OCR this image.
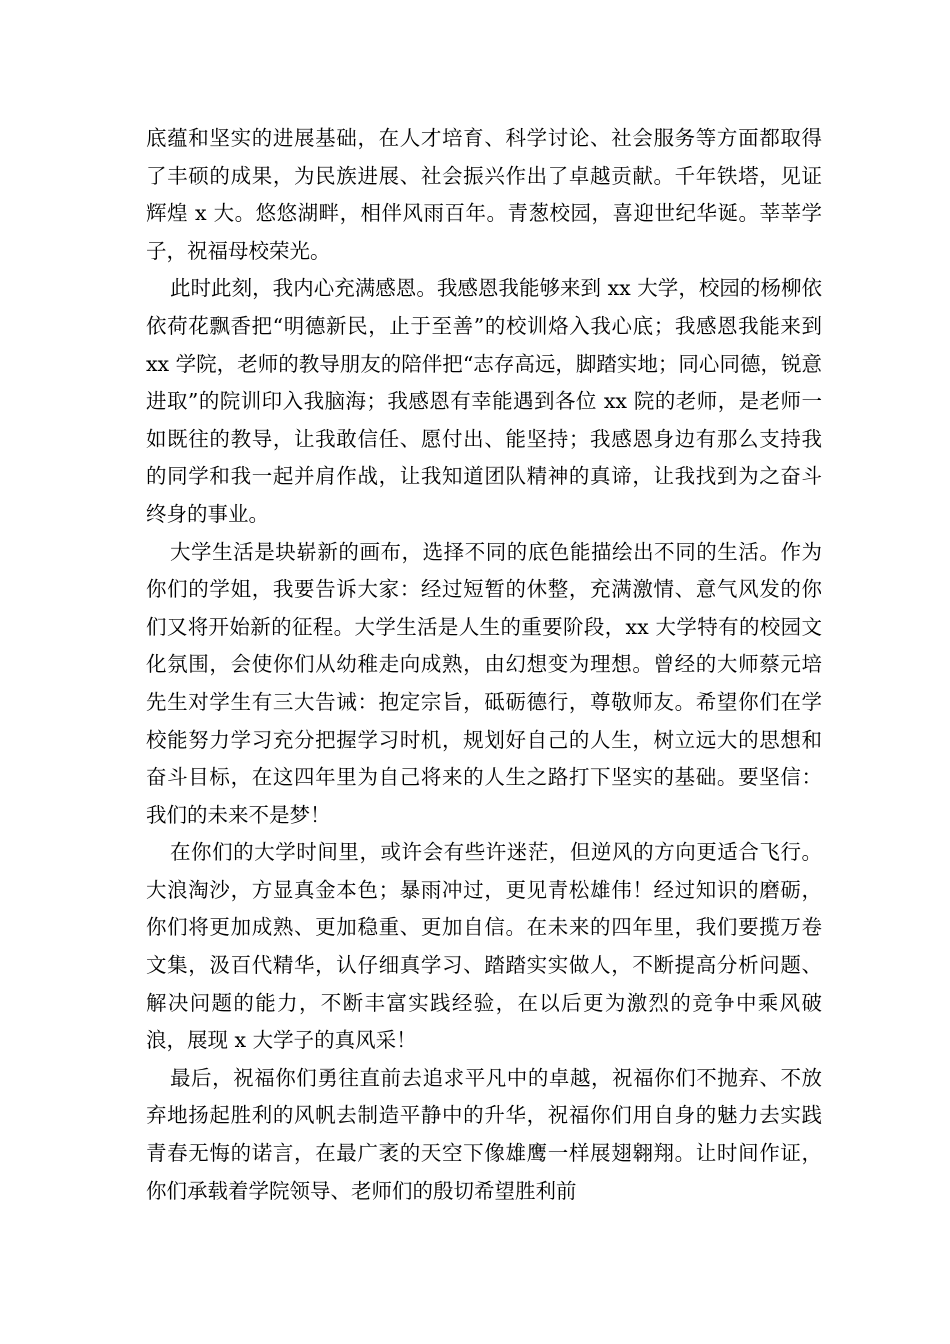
底蕴和坚实的进展基础，在人才培育、科学讨论、社会服务等方面都取得了丰硕的成果，为民族进展、社会振兴作出了卓越贡献。千年铁塔，见证辉煌 x 大。悠悠湖畔，相伴风雨百年。青葱校园，喜迎世纪华诞。莘莘学子，祝福母校荣光。

此时此刻，我内心充满感恩。我感恩我能够来到 xx 大学，校园的杨柳依依荷花飘香把“明德新民，止于至善”的校训烙入我心底；我感恩我能来到 xx 学院，老师的教导朋友的陪伴把“志存高远，脚踏实地；同心同德，锐意进取”的院训印入我脑海；我感恩有幸能遇到各位 xx 院的老师，是老师一如既往的教导，让我敢信任、愿付出、能坚持；我感恩身边有那么支持我的同学和我一起并肩作战，让我知道团队精神的真谛，让我找到为之奋斗终身的事业。

大学生活是块崭新的画布，选择不同的底色能描绘出不同的生活。作为你们的学姐，我要告诉大家：经过短暂的休整，充满激情、意气风发的你们又将开始新的征程。大学生活是人生的重要阶段，xx 大学特有的校园文化氛围，会使你们从幼稚走向成熟，由幻想变为理想。曾经的大师蔡元培先生对学生有三大告诫：抱定宗旨，砥砺德行，尊敬师友。希望你们在学校能努力学习充分把握学习时机，规划好自己的人生，树立远大的思想和奋斗目标，在这四年里为自己将来的人生之路打下坚实的基础。要坚信：我们的未来不是梦！

在你们的大学时间里，或许会有些许迷茫，但逆风的方向更适合飞行。大浪淘沙，方显真金本色；暴雨冲过，更见青松雄伟！经过知识的磨砺，你们将更加成熟、更加稳重、更加自信。在未来的四年里，我们要揽万卷文集，汲百代精华，认仔细真学习、踏踏实实做人，不断提高分析问题、解决问题的能力，不断丰富实践经验，在以后更为激烈的竞争中乘风破浪，展现 x 大学子的真风采！

最后，祝福你们勇往直前去追求平凡中的卓越，祝福你们不抛弃、不放弃地扬起胜利的风帆去制造平静中的升华，祝福你们用自身的魅力去实践青春无悔的诺言，在最广袤的天空下像雄鹰一样展翅翱翔。让时间作证，你们承载着学院领导、老师们的殷切希望胜利前
